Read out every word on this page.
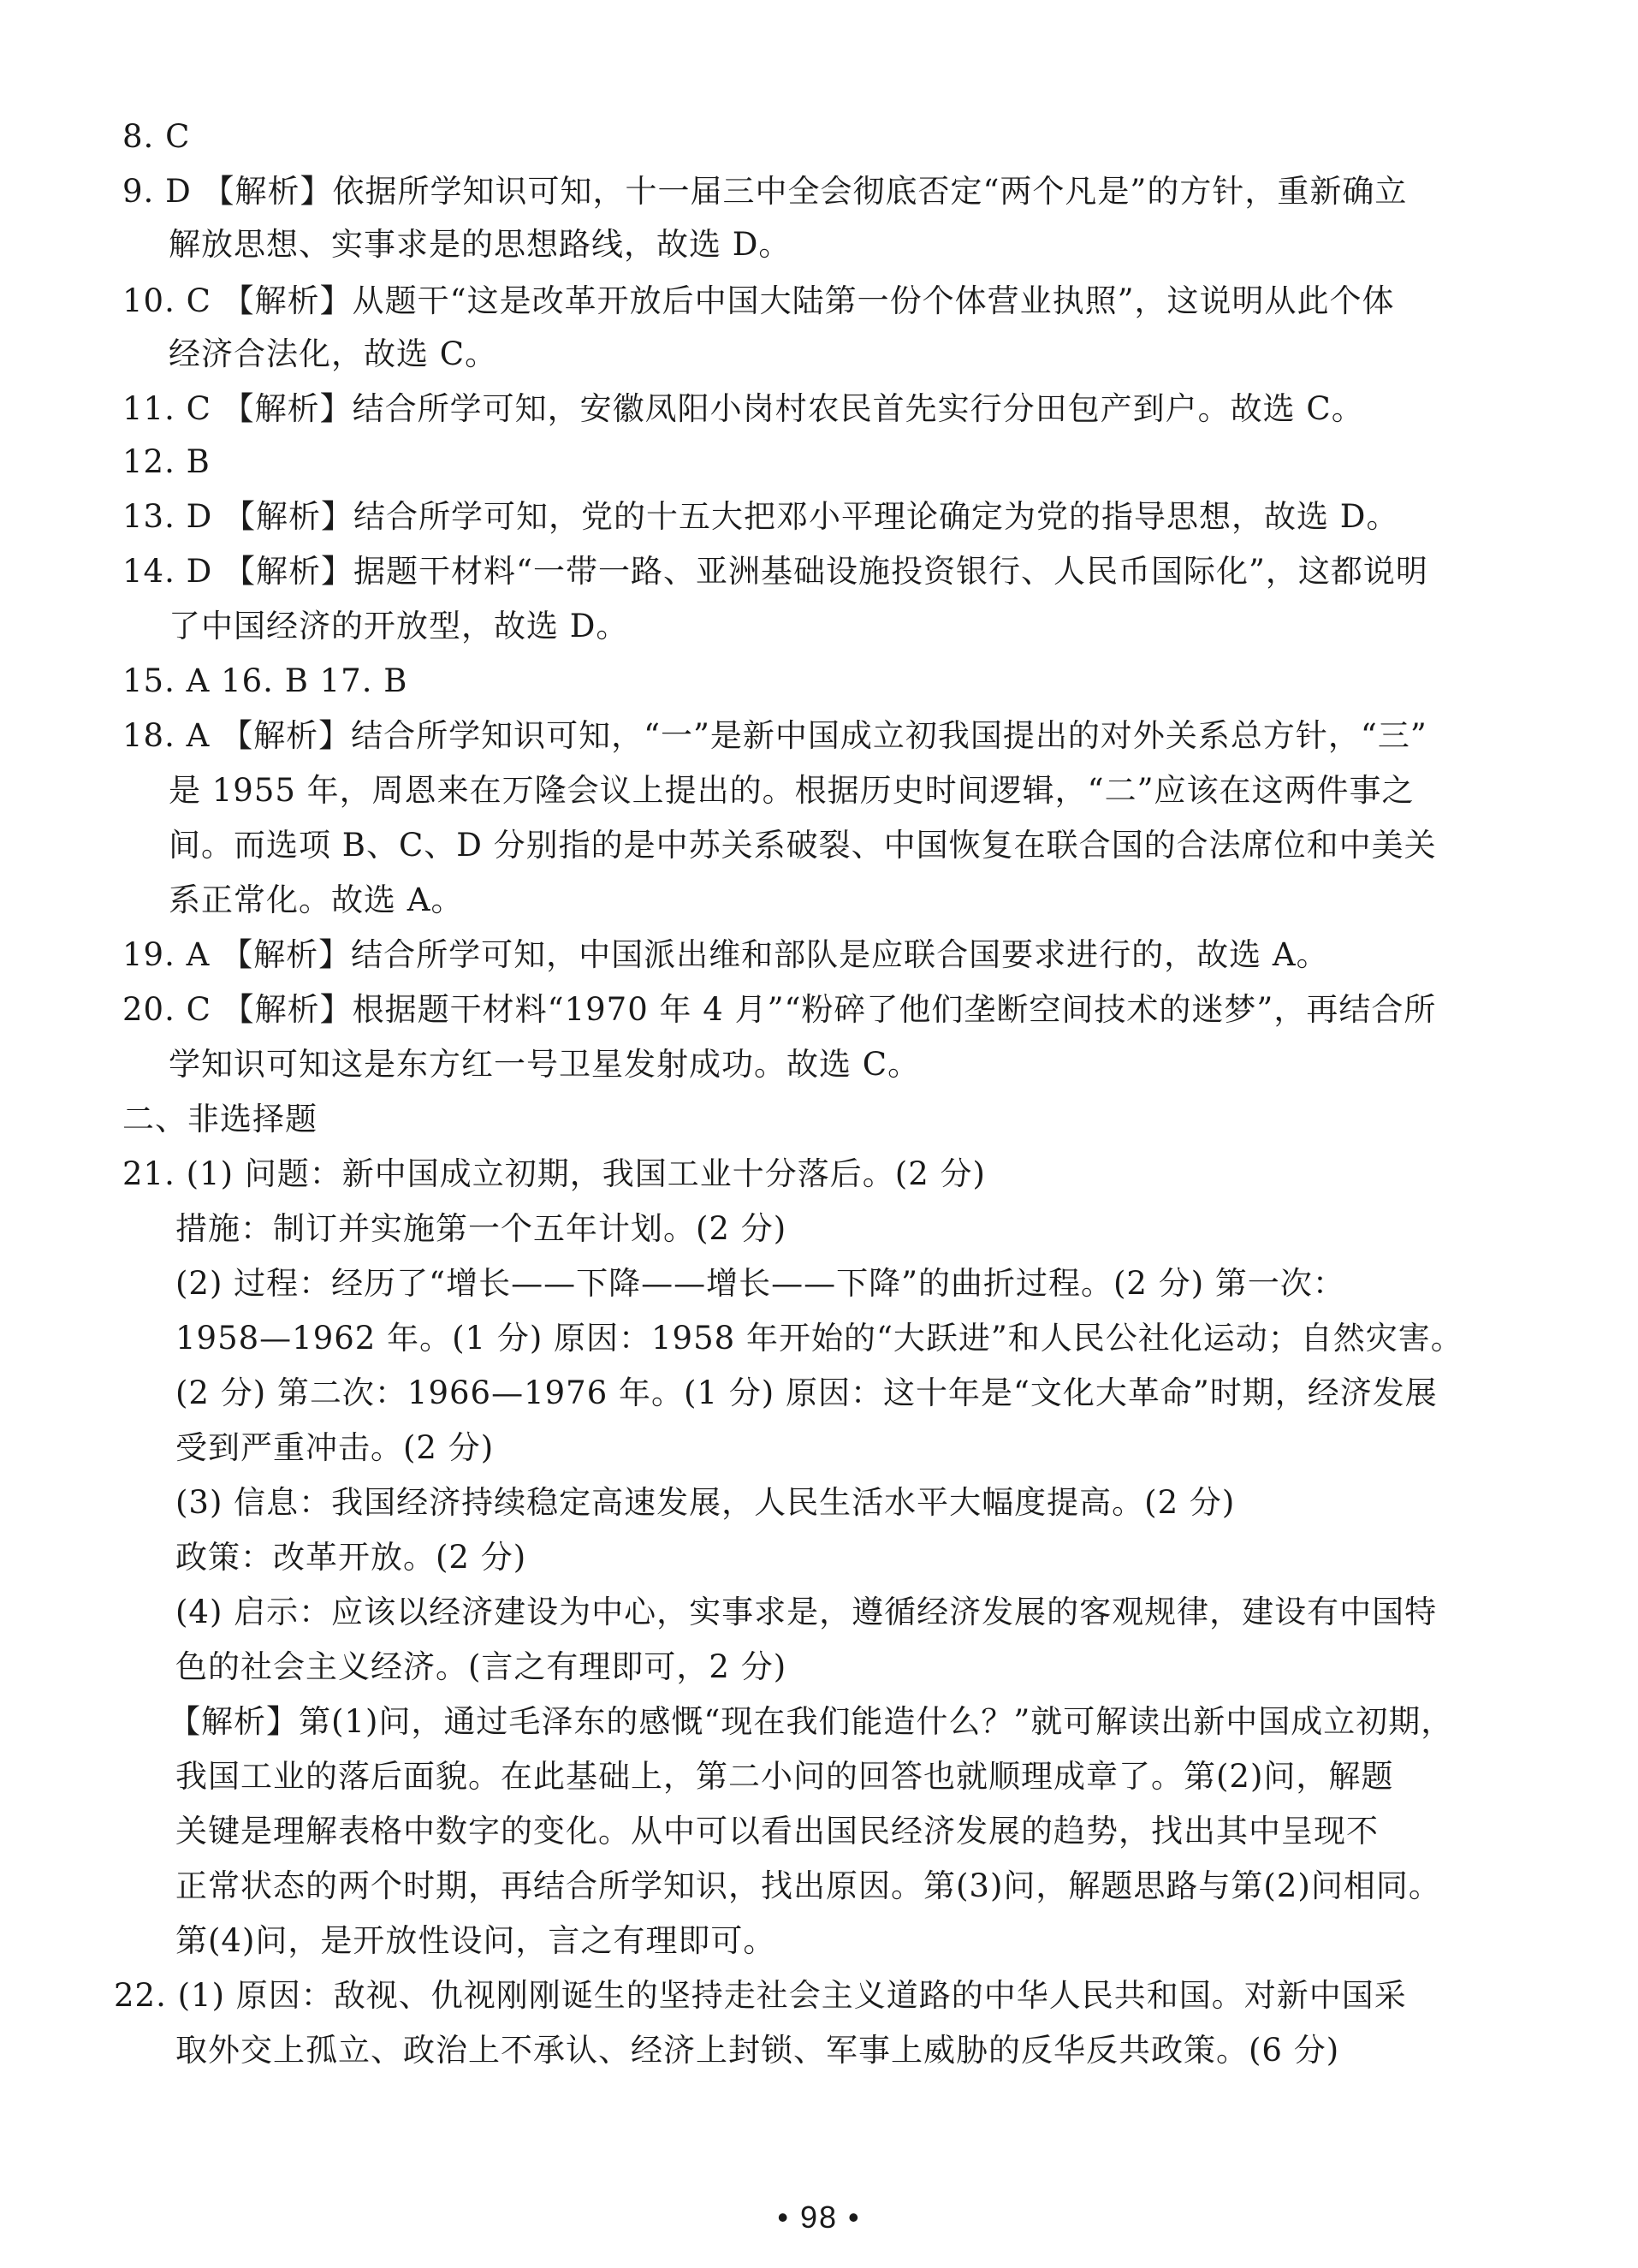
8. C
9. D 【解析】依据所学知识可知，十一届三中全会彻底否定“两个凡是”的方针，重新确立
解放思想、实事求是的思想路线，故选 D。
10. C 【解析】从题干“这是改革开放后中国大陆第一份个体营业执照”，这说明从此个体
经济合法化，故选 C。
11. C 【解析】结合所学可知，安徽凤阳小岗村农民首先实行分田包产到户。故选 C。
12. B
13. D 【解析】结合所学可知，党的十五大把邓小平理论确定为党的指导思想，故选 D。
14. D 【解析】据题干材料“一带一路、亚洲基础设施投资银行、人民币国际化”，这都说明
了中国经济的开放型，故选 D。
15. A 16. B 17. B
18. A 【解析】结合所学知识可知，“一”是新中国成立初我国提出的对外关系总方针，“三”
是 1955 年，周恩来在万隆会议上提出的。根据历史时间逻辑，“二”应该在这两件事之
间。而选项 B、C、D 分别指的是中苏关系破裂、中国恢复在联合国的合法席位和中美关
系正常化。故选 A。
19. A 【解析】结合所学可知，中国派出维和部队是应联合国要求进行的，故选 A。
20. C 【解析】根据题干材料“1970 年 4 月”“粉碎了他们垄断空间技术的迷梦”，再结合所
学知识可知这是东方红一号卫星发射成功。故选 C。
二、非选择题
21. (1) 问题：新中国成立初期，我国工业十分落后。(2 分)
措施：制订并实施第一个五年计划。(2 分)
(2) 过程：经历了“增长——下降——增长——下降”的曲折过程。(2 分) 第一次：
1958—1962 年。(1 分) 原因：1958 年开始的“大跃进”和人民公社化运动；自然灾害。
(2 分) 第二次：1966—1976 年。(1 分) 原因：这十年是“文化大革命”时期，经济发展
受到严重冲击。(2 分)
(3) 信息：我国经济持续稳定高速发展，人民生活水平大幅度提高。(2 分)
政策：改革开放。(2 分)
(4) 启示：应该以经济建设为中心，实事求是，遵循经济发展的客观规律，建设有中国特
色的社会主义经济。(言之有理即可，2 分)
【解析】第(1)问，通过毛泽东的感慨“现在我们能造什么？”就可解读出新中国成立初期，
我国工业的落后面貌。在此基础上，第二小问的回答也就顺理成章了。第(2)问，解题
关键是理解表格中数字的变化。从中可以看出国民经济发展的趋势，找出其中呈现不
正常状态的两个时期，再结合所学知识，找出原因。第(3)问，解题思路与第(2)问相同。
第(4)问，是开放性设问，言之有理即可。
22. (1) 原因：敌视、仇视刚刚诞生的坚持走社会主义道路的中华人民共和国。对新中国采
取外交上孤立、政治上不承认、经济上封锁、军事上威胁的反华反共政策。(6 分)
• 98 •
